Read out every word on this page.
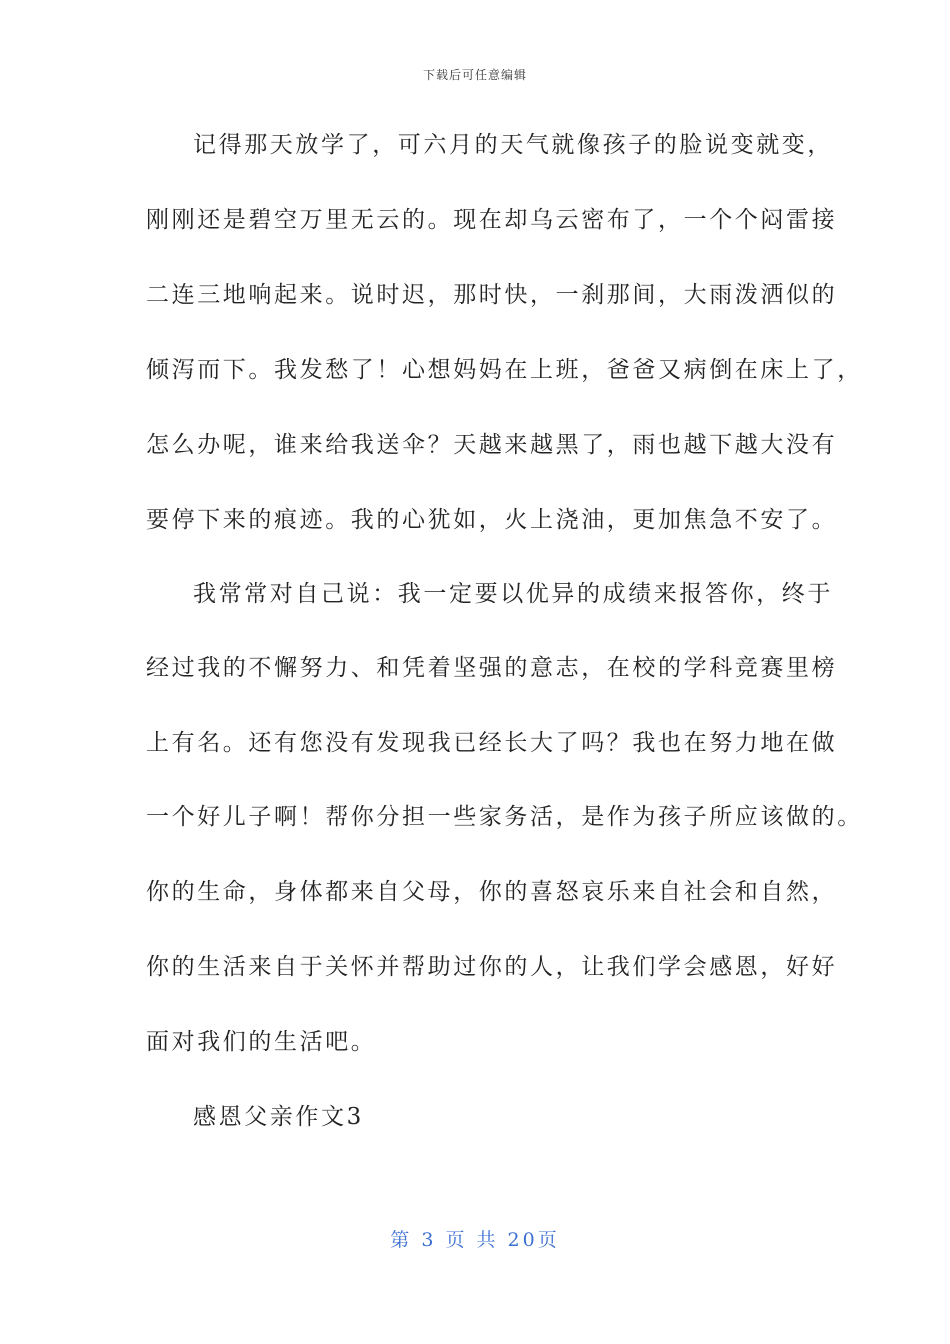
下载后可任意编辑
记得那天放学了，可六月的天气就像孩子的脸说变就变，
刚刚还是碧空万里无云的。现在却乌云密布了，一个个闷雷接
二连三地响起来。说时迟，那时快，一刹那间，大雨泼洒似的
倾泻而下。我发愁了！心想妈妈在上班，爸爸又病倒在床上了，
怎么办呢，谁来给我送伞？天越来越黑了，雨也越下越大没有
要停下来的痕迹。我的心犹如，火上浇油，更加焦急不安了。
我常常对自己说：我一定要以优异的成绩来报答你，终于
经过我的不懈努力、和凭着坚强的意志，在校的学科竞赛里榜
上有名。还有您没有发现我已经长大了吗？我也在努力地在做
一个好儿子啊！帮你分担一些家务活，是作为孩子所应该做的。
你的生命，身体都来自父母，你的喜怒哀乐来自社会和自然，
你的生活来自于关怀并帮助过你的人，让我们学会感恩，好好
面对我们的生活吧。
感恩父亲作文3
第 3 页 共 20页
